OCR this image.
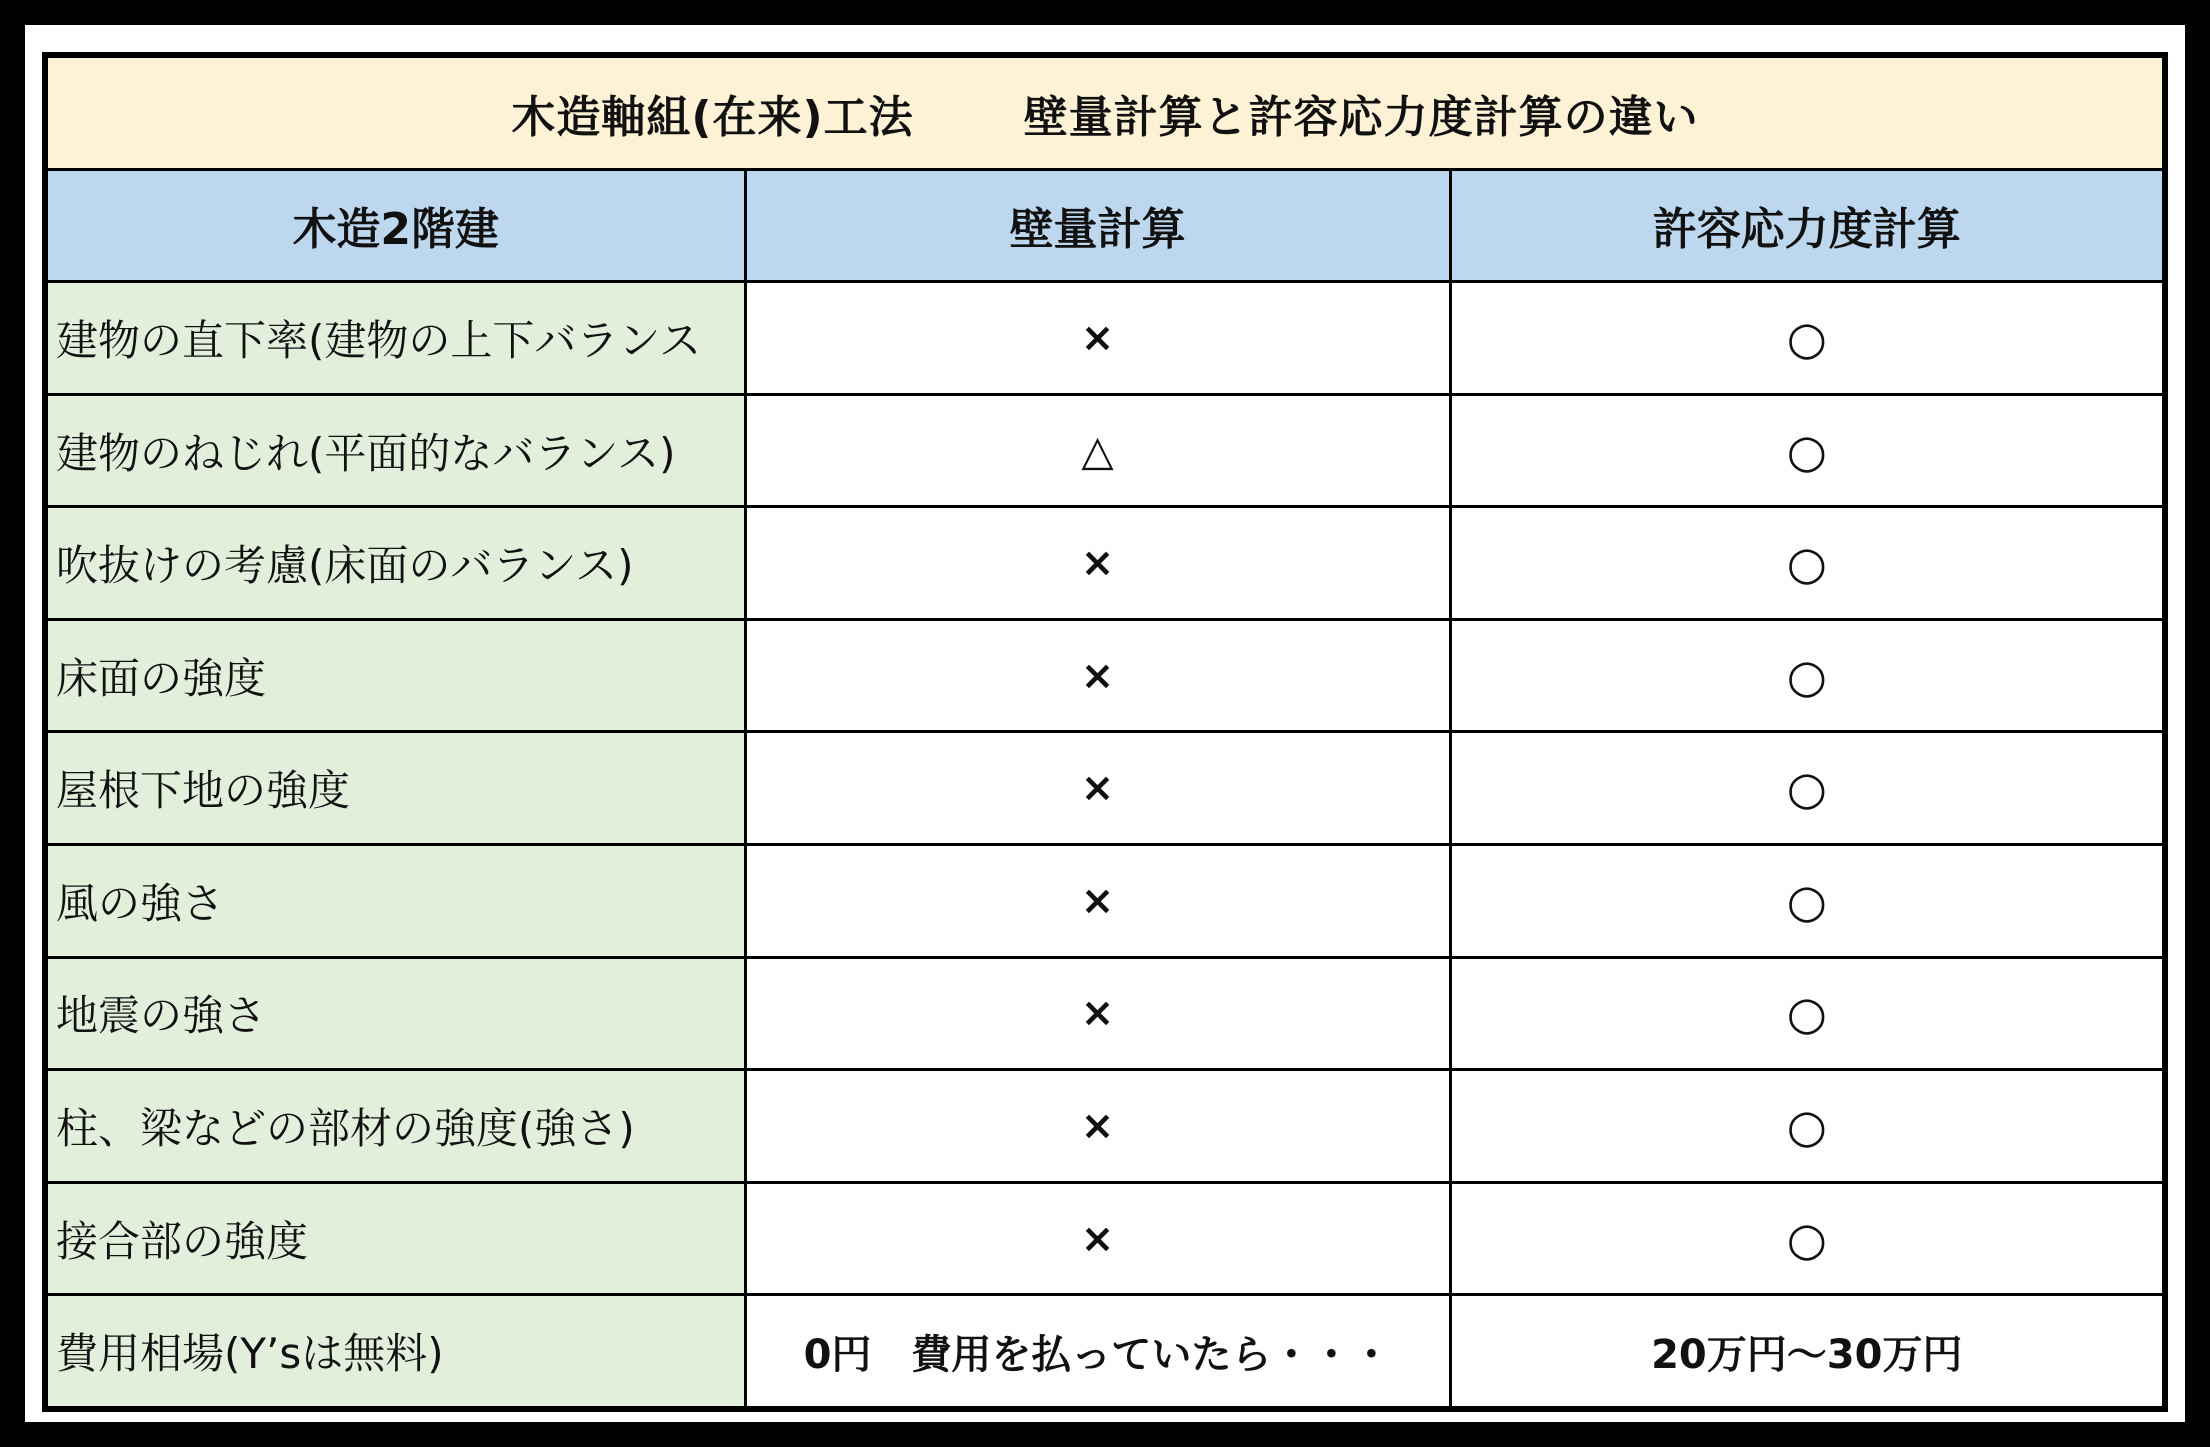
木造軸組(在来)工法 壁量計算と許容応力度計算の違い		
木造2階建	壁量計算	許容応力度計算
建物の直下率(建物の上下バランス	×	○
建物のねじれ(平面的なバランス)	△	○
吹抜けの考慮(床面のバランス)	×	○
床面の強度	×	○
屋根下地の強度	×	○
風の強さ	×	○
地震の強さ	×	○
柱、梁などの部材の強度(強さ)	×	○
接合部の強度	×	○
費用相場(Y’sは無料)	0円　費用を払っていたら・・・	20万円～30万円
